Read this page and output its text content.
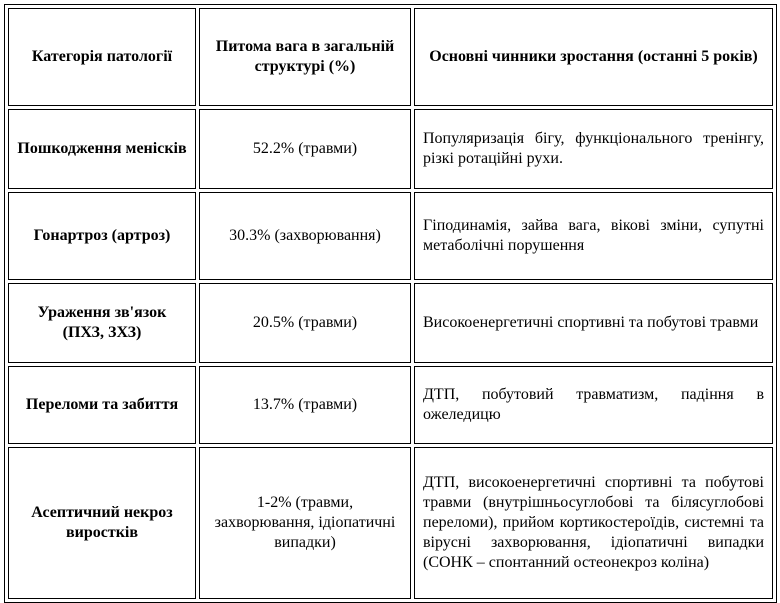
Категорія патології	Питома вага в загальній структурі (%)	Основні чинники зростання (останні 5 років)
Пошкодження менісків	52.2% (травми)	Популяризація бігу, функціонального тренінгу, різкі ротаційні рухи.
Гонартроз (артроз)	30.3% (захворювання)	Гіподинамія, зайва вага, вікові зміни, супутні метаболічні порушення
Ураження зв'язок (ПХЗ, ЗХЗ)	20.5% (травми)	Високоенергетичні спортивні та побутові травми
Переломи та забиття	13.7% (травми)	ДТП, побутовий травматизм, падіння в ожеледицю
Асептичний некроз виростків	1-2% (травми, захворювання, ідіопатичні випадки)	ДТП, високоенергетичні спортивні та побутові травми (внутрішньосуглобові та білясуглобові переломи), прийом кортикостероїдів, системні та вірусні захворювання, ідіопатичні випадки (СОНК – спонтанний остеонекроз коліна)
